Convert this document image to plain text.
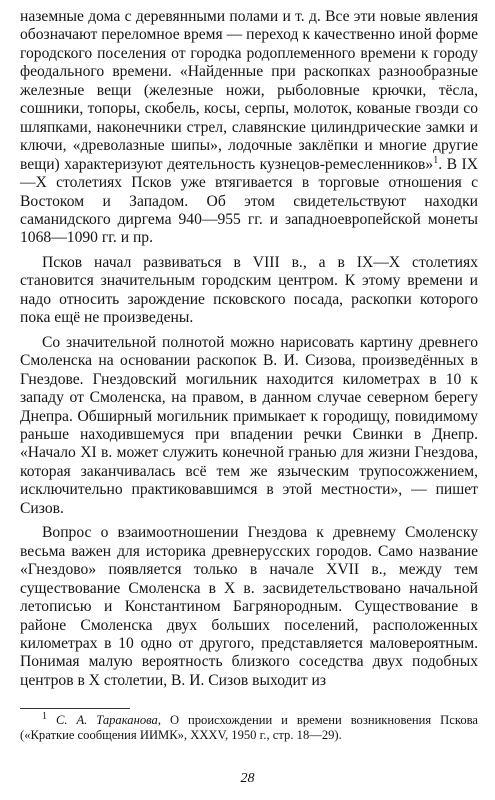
наземные дома с деревянными полами и т. д. Все эти новые явления обозначают переломное время — переход к качественно иной форме городского поселения от городка родоплеменного времени к городу феодального времени. «Найденные при раскопках разнообразные железные вещи (железные ножи, рыболовные крючки, тёсла, сошники, топоры, скобель, косы, серпы, молоток, кованые гвозди со шляпками, наконечники стрел, славянские цилиндрические замки и ключи, «древолазные шипы», лодочные заклёпки и многие другие вещи) характеризуют деятельность кузнецов-ремесленников»$^1$. В IX—X столетиях Псков уже втягивается в торговые отношения с Востоком и Западом. Об этом свидетельствуют находки саманидского диргема 940—955 гг. и западноевропейской монеты 1068—1090 гг. и пр.

Псков начал развиваться в VIII в., а в IX—X столетиях становится значительным городским центром. К этому времени и надо относить зарождение псковского посада, раскопки которого пока ещё не произведены.

Со значительной полнотой можно нарисовать картину древнего Смоленска на основании раскопок В. И. Сизова, произведённых в Гнездове. Гнездовский могильник находится километрах в 10 к западу от Смоленска, на правом, в данном случае северном берегу Днепра. Обширный могильник примыкает к городищу, повидимому раньше находившемуся при впадении речки Свинки в Днепр. «Начало XI в. может служить конечной гранью для жизни Гнездова, которая заканчивалась всё тем же языческим трупосожжением, исключительно практиковавшимся в этой местности», — пишет Сизов.

Вопрос о взаимоотношении Гнездова к древнему Смоленску весьма важен для историка древнерусских городов. Само название «Гнездово» появляется только в начале XVII в., между тем существование Смоленска в X в. засвидетельствовано начальной летописью и Константином Багрянородным. Существование в районе Смоленска двух больших поселений, расположенных километрах в 10 одно от другого, представляется маловероятным. Понимая малую вероятность близкого соседства двух подобных центров в X столетии, В. И. Сизов выходит из

$^1$ С. А. Тараканова, О происхождении и времени возникновения Пскова («Краткие сообщения ИИМК», XXXV, 1950 г., стр. 18—29).

28
